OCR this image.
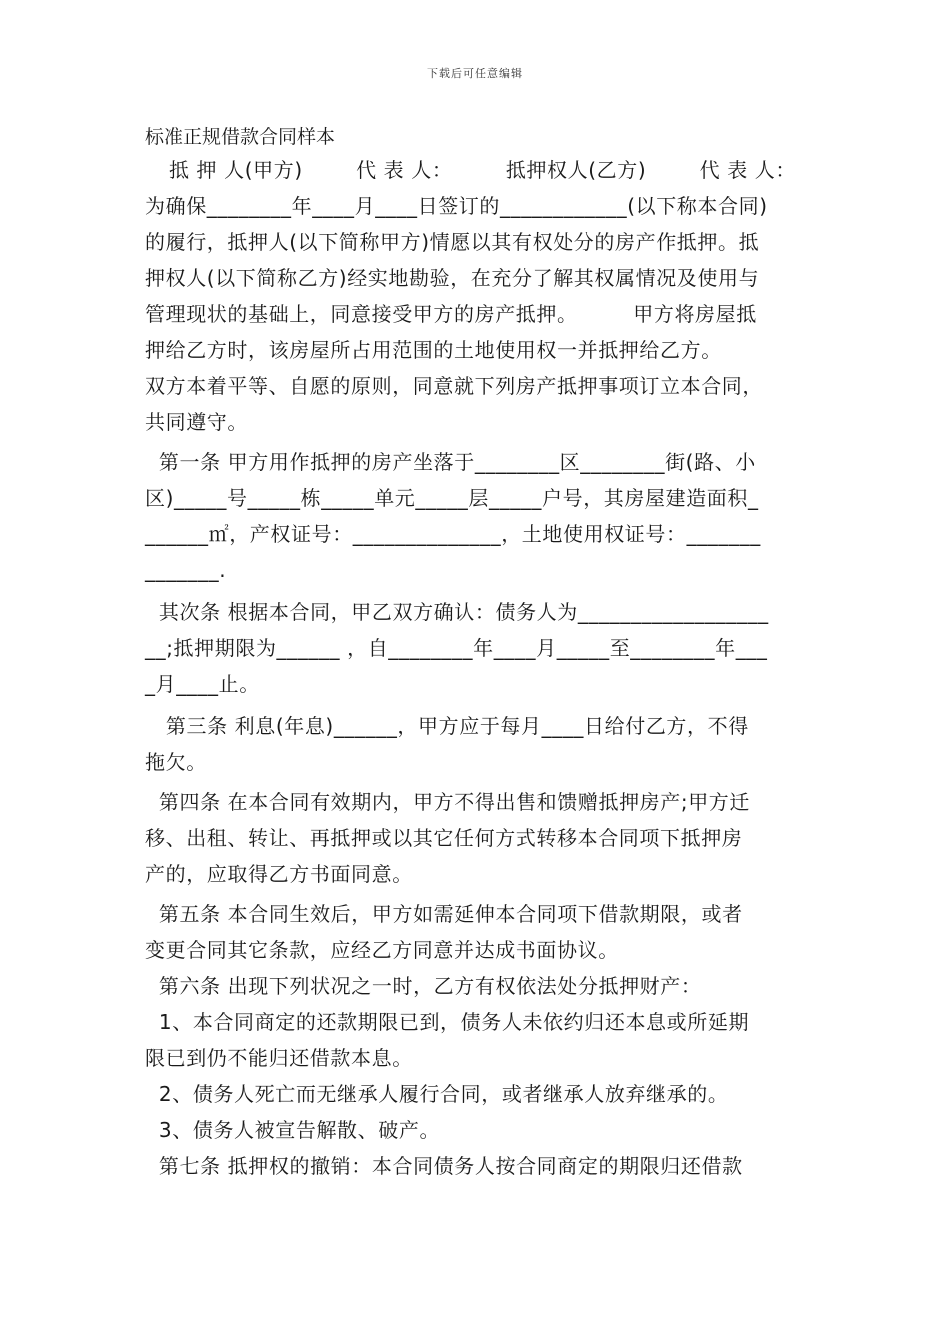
下载后可任意编辑
标准正规借款合同样本
抵 押 人(甲方)	代 表 人：	抵押权人(乙方)	代 表 人：
为确保________年____月____日签订的____________(以下称本合同)
的履行，抵押人(以下简称甲方)情愿以其有权处分的房产作抵押。抵
押权人(以下简称乙方)经实地勘验，在充分了解其权属情况及使用与
管理现状的基础上，同意接受甲方的房产抵押。        甲方将房屋抵
押给乙方时，该房屋所占用范围的土地使用权一并抵押给乙方。
双方本着平等、自愿的原则，同意就下列房产抵押事项订立本合同，
共同遵守。
第一条 甲方用作抵押的房产坐落于________区________街(路、小
区)_____号_____栋_____单元_____层_____户号，其房屋建造面积_
______㎡，产权证号：______________，土地使用权证号：_______
_______.
其次条 根据本合同，甲乙双方确认：债务人为__________________
__;抵押期限为______ ，自________年____月_____至________年___
_月____止。
第三条 利息(年息)______，甲方应于每月____日给付乙方，不得
拖欠。
第四条 在本合同有效期内，甲方不得出售和馈赠抵押房产;甲方迁
移、出租、转让、再抵押或以其它任何方式转移本合同项下抵押房
产的，应取得乙方书面同意。
第五条 本合同生效后，甲方如需延伸本合同项下借款期限，或者
变更合同其它条款，应经乙方同意并达成书面协议。
第六条 出现下列状况之一时，乙方有权依法处分抵押财产：
1、本合同商定的还款期限已到，债务人未依约归还本息或所延期
限已到仍不能归还借款本息。
2、债务人死亡而无继承人履行合同，或者继承人放弃继承的。
3、债务人被宣告解散、破产。
第七条 抵押权的撤销：本合同债务人按合同商定的期限归还借款
